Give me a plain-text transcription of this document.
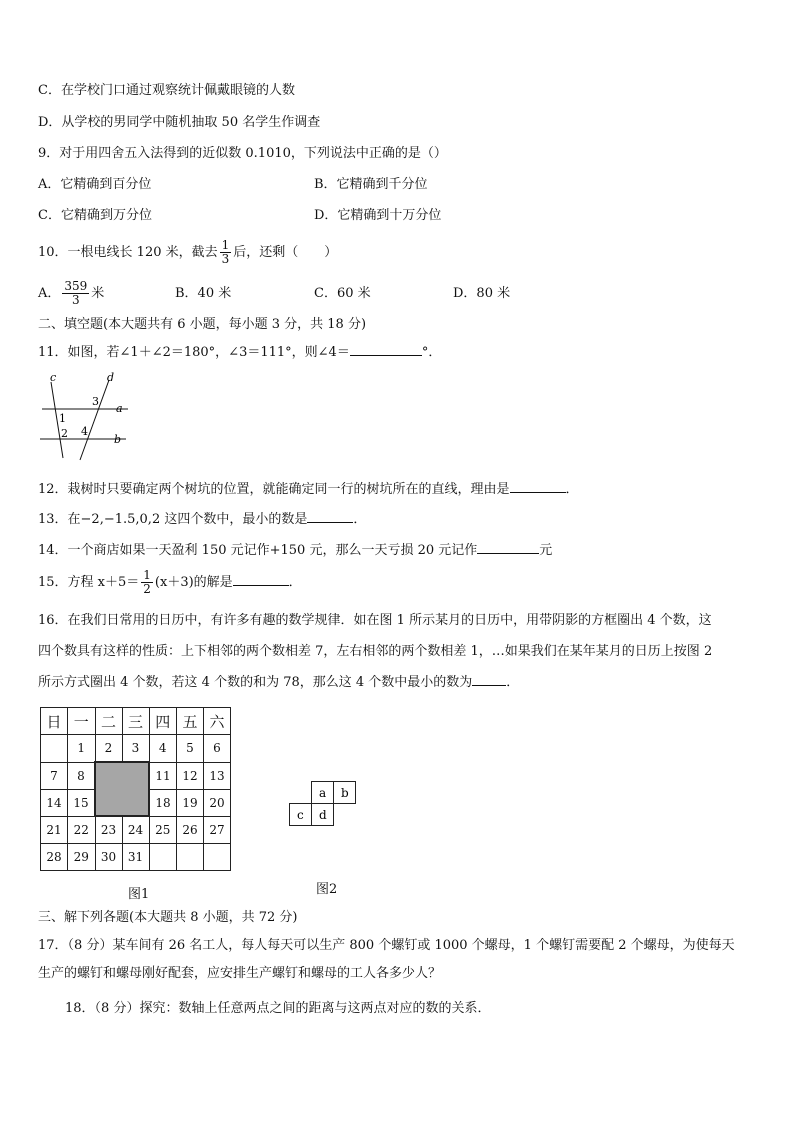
C．在学校门口通过观察统计佩戴眼镜的人数
D．从学校的男同学中随机抽取 50 名学生作调查
9．对于用四舍五入法得到的近似数 0.1010，下列说法中正确的是（）
A．它精确到百分位	B．它精确到千分位
C．它精确到万分位	D．它精确到十万分位
10．一根电线长 120 米，截去 $\frac{1}{3}$ 后，还剩（　　）
A． $\frac{359}{3}$ 米	B．40 米	C．60 米	D．80 米
二、填空题(本大题共有 6 小题，每小题 3 分，共 18 分)
11．如图，若∠1＋∠2＝180°，∠3＝111°，则∠4＝	°．
c	d
a
b
1
2
3
4
12．栽树时只要确定两个树坑的位置，就能确定同一行的树坑所在的直线，理由是	．
13．在−2,−1.5,0,2 这四个数中，最小的数是	．
14．一个商店如果一天盈利 150 元记作+150 元，那么一天亏损 20 元记作	元
15．方程 $x+5= \frac{1}{2} (x+3)$的解是	．
16．在我们日常用的日历中，有许多有趣的数学规律．如在图 1 所示某月的日历中，用带阴影的方框圈出 4 个数，这
四个数具有这样的性质：上下相邻的两个数相差 7，左右相邻的两个数相差 1，…如果我们在某年某月的日历上按图 2
所示方式圈出 4 个数，若这 4 个数的和为 78，那么这 4 个数中最小的数为	．
日	一	二	三	四	五	六
	1	2	3	4	5	6
7	8			11	12	13
14	15			18	19	20
21	22	23	24	25	26	27
28	29	30	31			
图1
a b
c d
图2
三、解下列各题(本大题共 8 小题，共 72 分)
17．（8 分）某车间有 26 名工人，每人每天可以生产 800 个螺钉或 1000 个螺母，1 个螺钉需要配 2 个螺母，为使每天
生产的螺钉和螺母刚好配套，应安排生产螺钉和螺母的工人各多少人？
18．（8 分）探究：数轴上任意两点之间的距离与这两点对应的数的关系．
